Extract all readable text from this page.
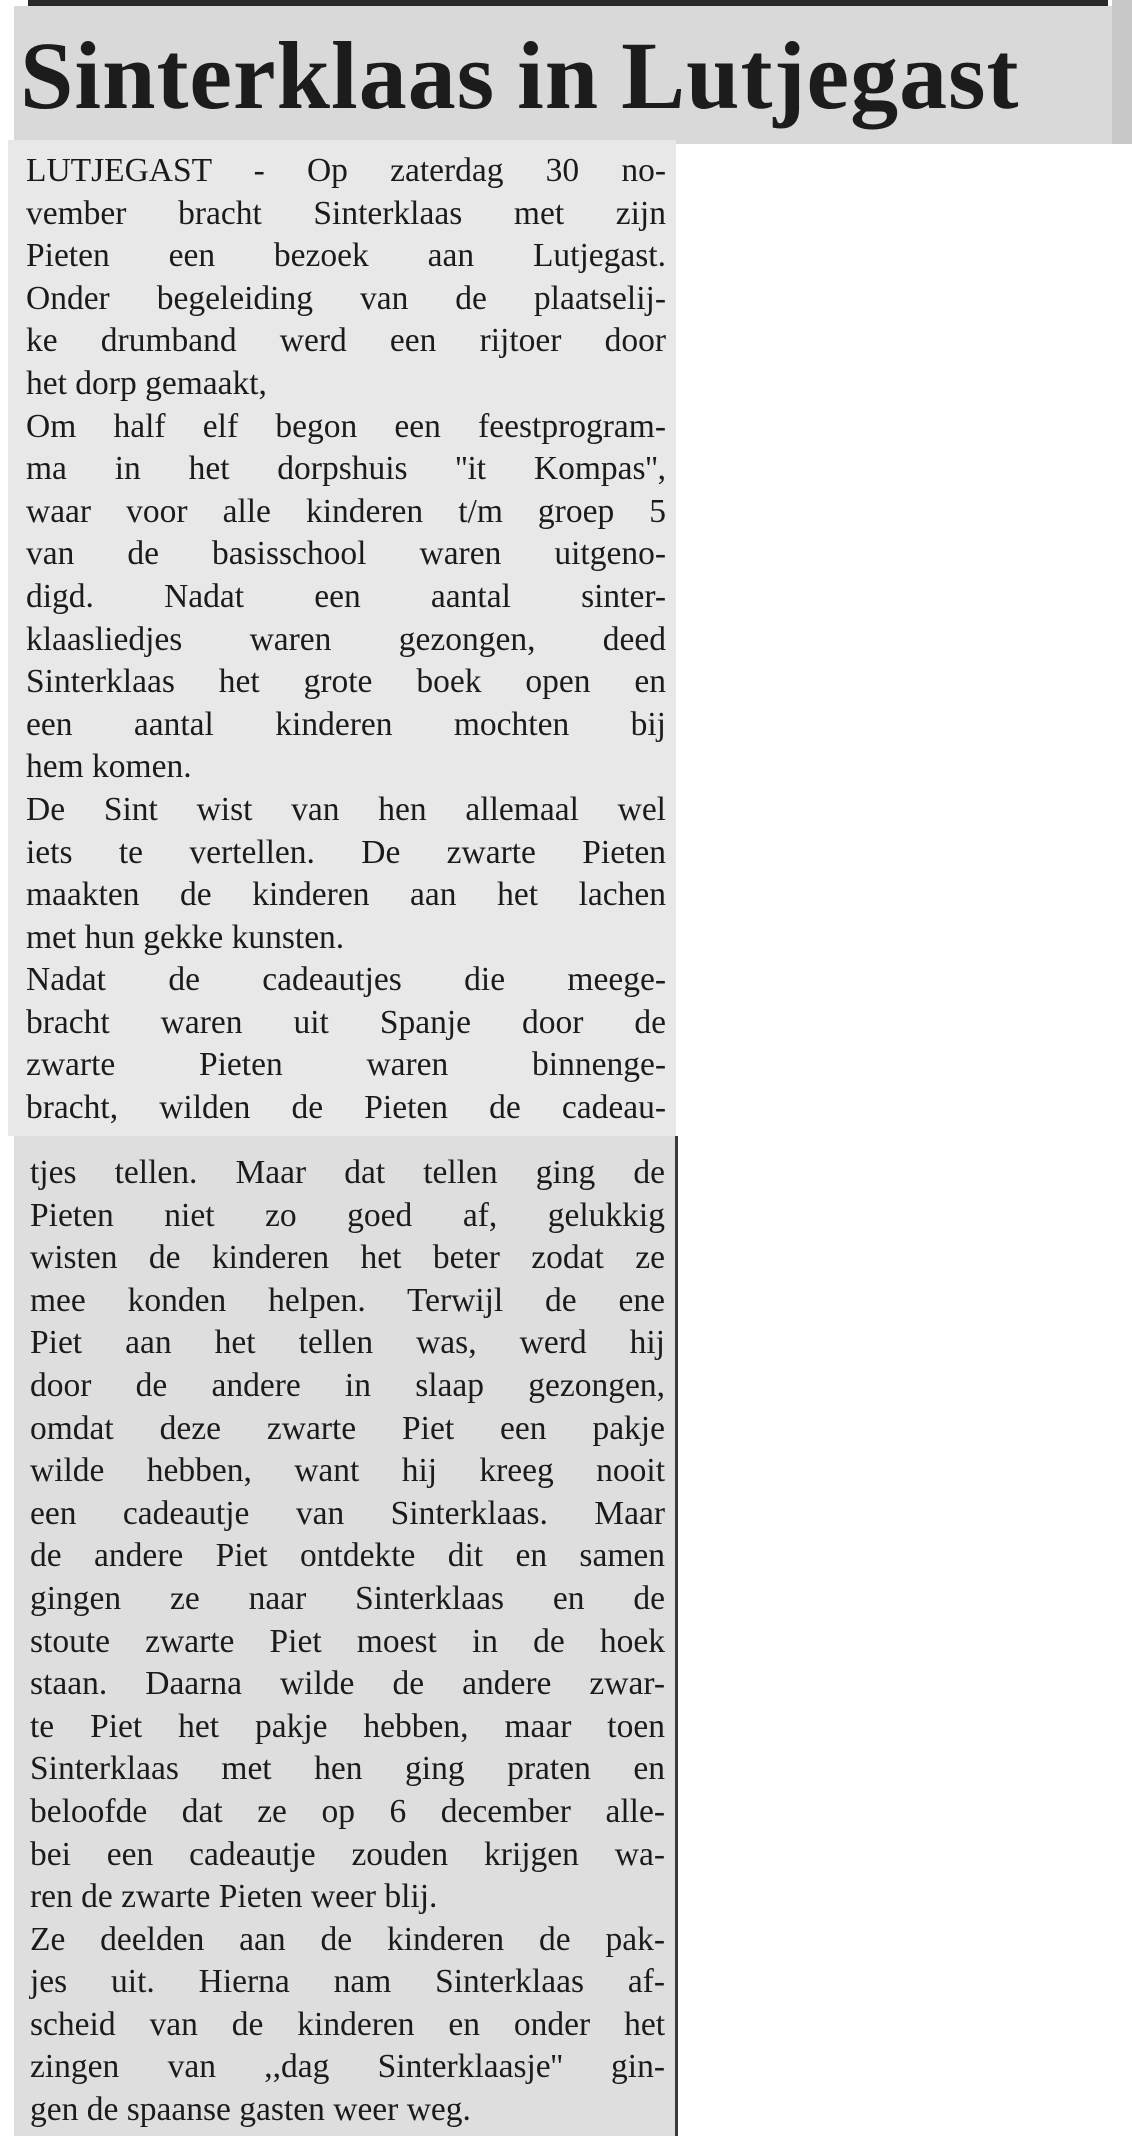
Sinterklaas in Lutjegast
LUTJEGAST - Op zaterdag 30 no-
vember bracht Sinterklaas met zijn
Pieten een bezoek aan Lutjegast.
Onder begeleiding van de plaatselij-
ke drumband werd een rijtoer door
het dorp gemaakt,
Om half elf begon een feestprogram-
ma in het dorpshuis ''it Kompas'',
waar voor alle kinderen t/m groep 5
van de basisschool waren uitgeno-
digd. Nadat een aantal sinter-
klaasliedjes waren gezongen, deed
Sinterklaas het grote boek open en
een aantal kinderen mochten bij
hem komen.
De Sint wist van hen allemaal wel
iets te vertellen. De zwarte Pieten
maakten de kinderen aan het lachen
met hun gekke kunsten.
Nadat de cadeautjes die meege-
bracht waren uit Spanje door de
zwarte Pieten waren binnenge-
bracht, wilden de Pieten de cadeau-
tjes tellen. Maar dat tellen ging de
Pieten niet zo goed af, gelukkig
wisten de kinderen het beter zodat ze
mee konden helpen. Terwijl de ene
Piet aan het tellen was, werd hij
door de andere in slaap gezongen,
omdat deze zwarte Piet een pakje
wilde hebben, want hij kreeg nooit
een cadeautje van Sinterklaas. Maar
de andere Piet ontdekte dit en samen
gingen ze naar Sinterklaas en de
stoute zwarte Piet moest in de hoek
staan. Daarna wilde de andere zwar-
te Piet het pakje hebben, maar toen
Sinterklaas met hen ging praten en
beloofde dat ze op 6 december alle-
bei een cadeautje zouden krijgen wa-
ren de zwarte Pieten weer blij.
Ze deelden aan de kinderen de pak-
jes uit. Hierna nam Sinterklaas af-
scheid van de kinderen en onder het
zingen van ,,dag Sinterklaasje'' gin-
gen de spaanse gasten weer weg.
